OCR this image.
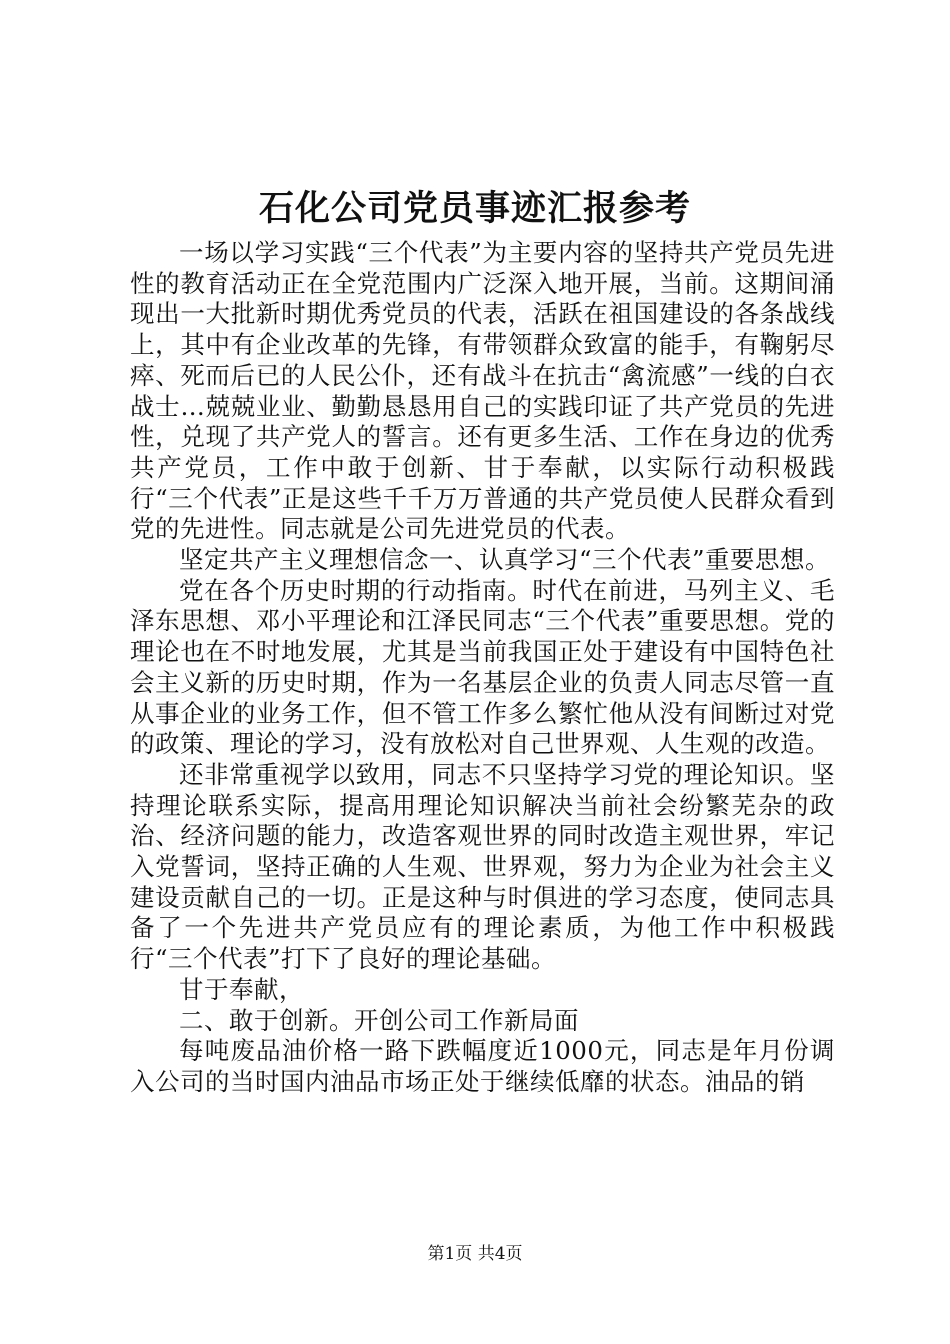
石化公司党员事迹汇报参考

一场以学习实践“三个代表”为主要内容的坚持共产党员先进性的教育活动正在全党范围内广泛深入地开展，当前。这期间涌现出一大批新时期优秀党员的代表，活跃在祖国建设的各条战线上，其中有企业改革的先锋，有带领群众致富的能手，有鞠躬尽瘁、死而后已的人民公仆，还有战斗在抗击“禽流感”一线的白衣战士…兢兢业业、勤勤恳恳用自己的实践印证了共产党员的先进性，兑现了共产党人的誓言。还有更多生活、工作在身边的优秀共产党员，工作中敢于创新、甘于奉献，以实际行动积极践行“三个代表”正是这些千千万万普通的共产党员使人民群众看到党的先进性。同志就是公司先进党员的代表。

坚定共产主义理想信念一、认真学习“三个代表”重要思想。

党在各个历史时期的行动指南。时代在前进，马列主义、毛泽东思想、邓小平理论和江泽民同志“三个代表”重要思想。党的理论也在不时地发展，尤其是当前我国正处于建设有中国特色社会主义新的历史时期，作为一名基层企业的负责人同志尽管一直从事企业的业务工作，但不管工作多么繁忙他从没有间断过对党的政策、理论的学习，没有放松对自己世界观、人生观的改造。

还非常重视学以致用，同志不只坚持学习党的理论知识。坚持理论联系实际，提高用理论知识解决当前社会纷繁芜杂的政治、经济问题的能力，改造客观世界的同时改造主观世界，牢记入党誓词，坚持正确的人生观、世界观，努力为企业为社会主义建设贡献自己的一切。正是这种与时俱进的学习态度，使同志具备了一个先进共产党员应有的理论素质，为他工作中积极践行“三个代表”打下了良好的理论基础。

甘于奉献，

二、敢于创新。开创公司工作新局面

每吨废品油价格一路下跌幅度近1000元，同志是年月份调入公司的当时国内油品市场正处于继续低靡的状态。油品的销

第1页 共4页
